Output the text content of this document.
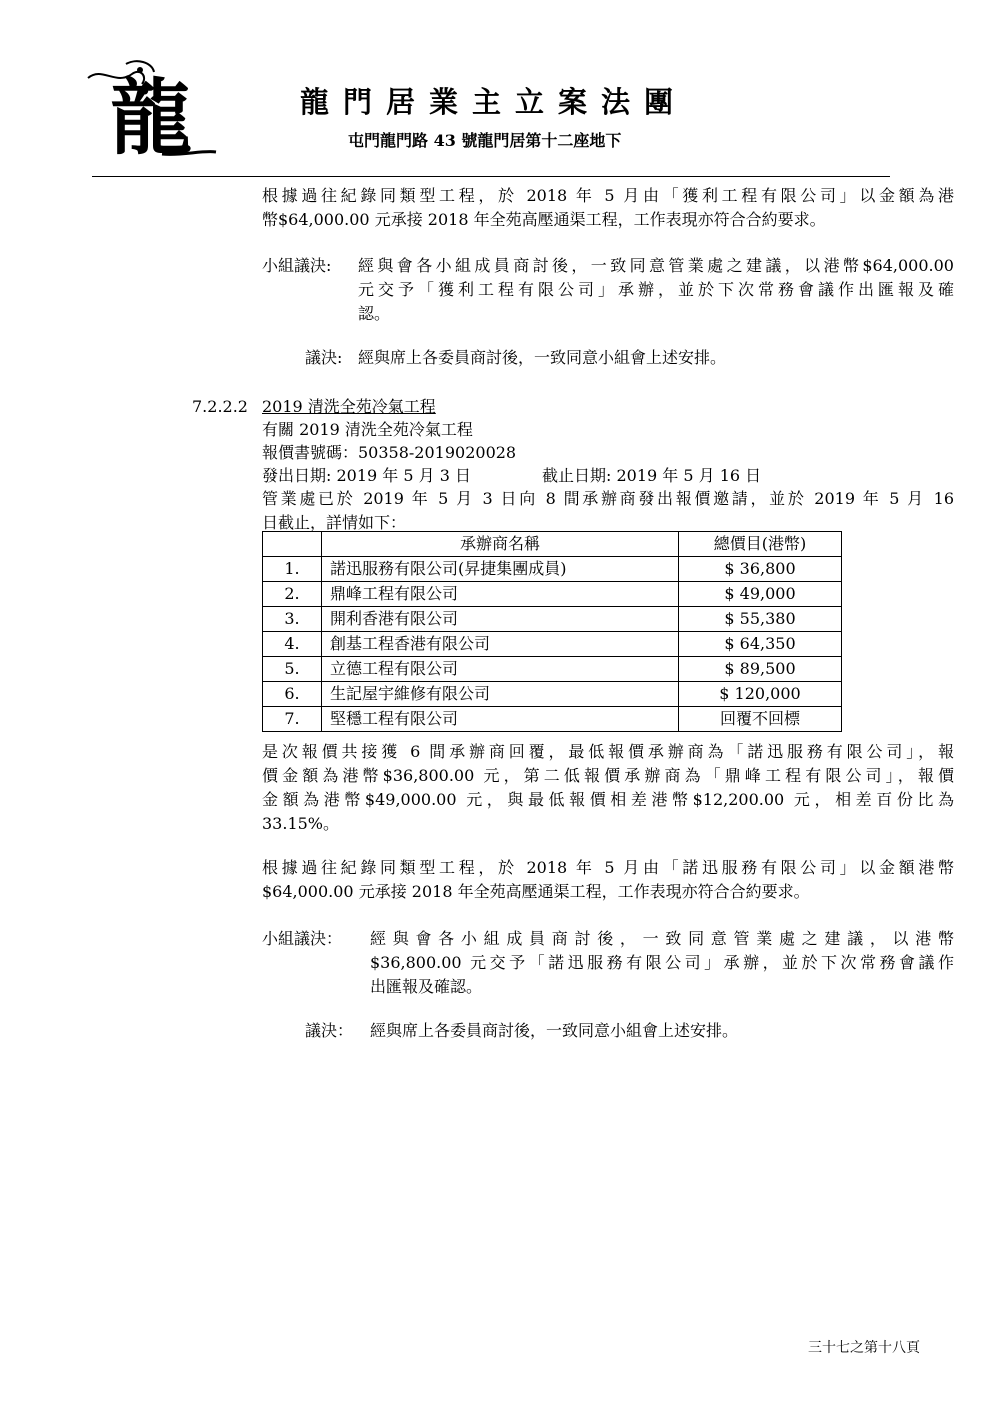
龍	龍門居業主立案法團
屯門龍門路 43 號龍門居第十二座地下
根據過往紀錄同類型工程，於 2018 年 5 月由「獲利工程有限公司」以金額為港
幣$64,000.00 元承接 2018 年全苑高壓通渠工程，工作表現亦符合合約要求。
小組議決: 經與會各小組成員商討後，一致同意管業處之建議，以港幣$64,000.00
元交予「獲利工程有限公司」承辦，並於下次常務會議作出匯報及確
認。
議決: 經與席上各委員商討後，一致同意小組會上述安排。
7.2.2.2 2019 清洗全苑冷氣工程
有關 2019 清洗全苑冷氣工程
報價書號碼：50358-2019020028
發出日期: 2019 年 5 月 3 日	截止日期: 2019 年 5 月 16 日
管業處已於 2019 年 5 月 3 日向 8 間承辦商發出報價邀請，並於 2019 年 5 月 16
日截止，詳情如下：
	承辦商名稱	總價目(港幣)
1.	諾迅服務有限公司(昇捷集團成員)	$ 36,800
2.	鼎峰工程有限公司	$ 49,000
3.	開利香港有限公司	$ 55,380
4.	創基工程香港有限公司	$ 64,350
5.	立德工程有限公司	$ 89,500
6.	生記屋宇維修有限公司	$ 120,000
7.	堅穩工程有限公司	回覆不回標
是次報價共接獲 6 間承辦商回覆，最低報價承辦商為「諾迅服務有限公司」，報
價金額為港幣$36,800.00 元，第二低報價承辦商為「鼎峰工程有限公司」，報價
金額為港幣$49,000.00 元，與最低報價相差港幣$12,200.00 元，相差百份比為
33.15%。
根據過往紀錄同類型工程，於 2018 年 5 月由「諾迅服務有限公司」以金額港幣
$64,000.00 元承接 2018 年全苑高壓通渠工程，工作表現亦符合合約要求。
小組議決： 經與會各小組成員商討後，一致同意管業處之建議，以港幣
$36,800.00 元交予「諾迅服務有限公司」承辦，並於下次常務會議作
出匯報及確認。
議決： 經與席上各委員商討後，一致同意小組會上述安排。
三十七之第十八頁
